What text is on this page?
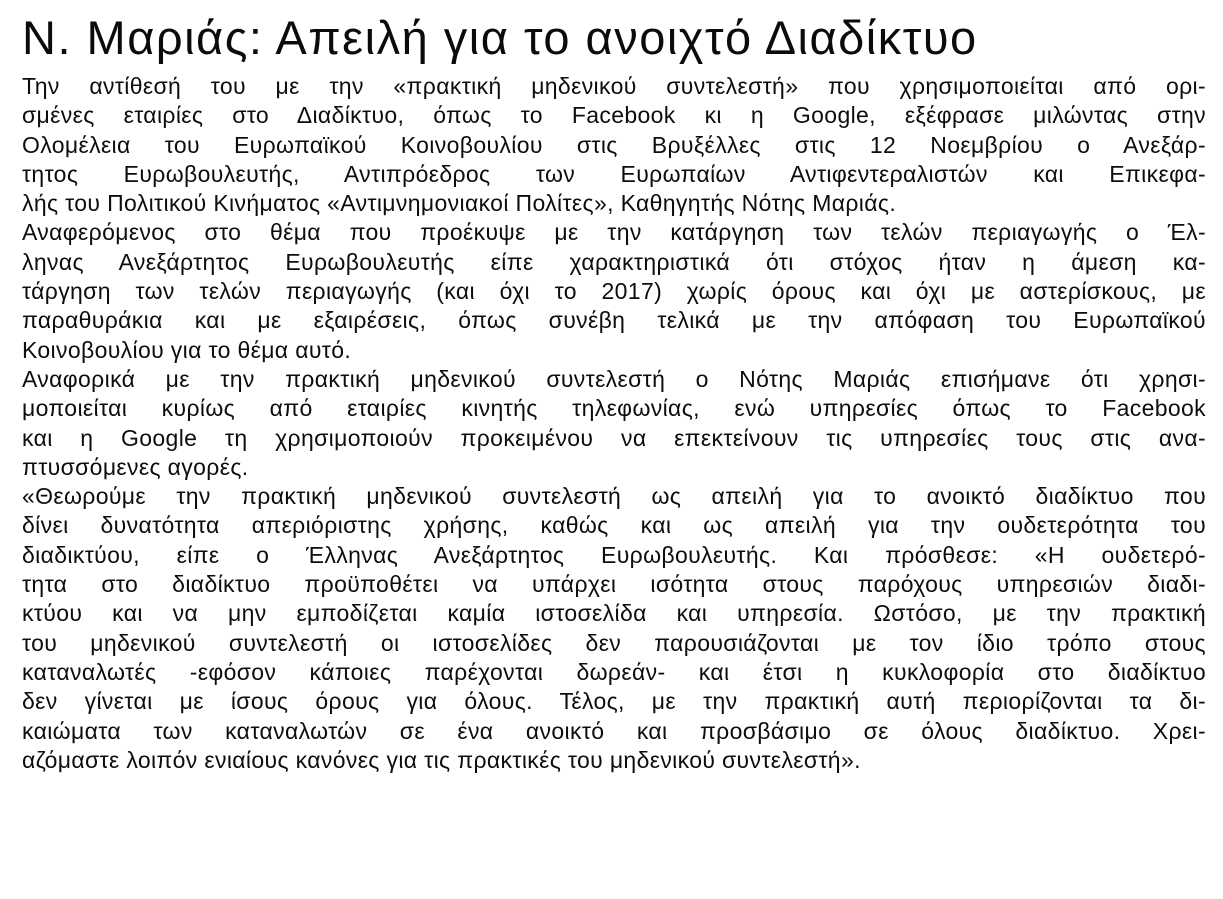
Ν. Μαριάς: Απειλή για το ανοιχτό Διαδίκτυο
Την αντίθεσή του με την «πρακτική μηδενικού συντελεστή» που χρησιμοποιείται από ορι-
σμένες εταιρίες στο Διαδίκτυο, όπως το Facebook κι η Google, εξέφρασε μιλώντας στην
Ολομέλεια του Ευρωπαϊκού Κοινοβουλίου στις Βρυξέλλες στις 12 Νοεμβρίου ο Ανεξάρ-
τητος Ευρωβουλευτής, Αντιπρόεδρος των Ευρωπαίων Αντιφεντεραλιστών και Επικεφα-
λής του Πολιτικού Κινήματος «Αντιμνημονιακοί Πολίτες», Καθηγητής Νότης Μαριάς.
Αναφερόμενος στο θέμα που προέκυψε με την κατάργηση των τελών περιαγωγής ο Έλ-
ληνας Ανεξάρτητος Ευρωβουλευτής είπε χαρακτηριστικά ότι στόχος ήταν η άμεση κα-
τάργηση των τελών περιαγωγής (και όχι το 2017) χωρίς όρους και όχι με αστερίσκους, με
παραθυράκια και με εξαιρέσεις, όπως συνέβη τελικά με την απόφαση του Ευρωπαϊκού
Κοινοβουλίου για το θέμα αυτό.
Αναφορικά με την πρακτική μηδενικού συντελεστή ο Νότης Μαριάς επισήμανε ότι χρησι-
μοποιείται κυρίως από εταιρίες κινητής τηλεφωνίας, ενώ υπηρεσίες όπως το Facebook
και η Google τη χρησιμοποιούν προκειμένου να επεκτείνουν τις υπηρεσίες τους στις ανα-
πτυσσόμενες αγορές.
«Θεωρούμε την πρακτική μηδενικού συντελεστή ως απειλή για το ανοικτό διαδίκτυο που
δίνει δυνατότητα απεριόριστης χρήσης, καθώς και ως απειλή για την ουδετερότητα του
διαδικτύου, είπε ο Έλληνας Ανεξάρτητος Ευρωβουλευτής. Και πρόσθεσε: «Η ουδετερό-
τητα στο διαδίκτυο προϋποθέτει να υπάρχει ισότητα στους παρόχους υπηρεσιών διαδι-
κτύου και να μην εμποδίζεται καμία ιστοσελίδα και υπηρεσία. Ωστόσο, με την πρακτική
του μηδενικού συντελεστή οι ιστοσελίδες δεν παρουσιάζονται με τον ίδιο τρόπο στους
καταναλωτές -εφόσον κάποιες παρέχονται δωρεάν- και έτσι η κυκλοφορία στο διαδίκτυο
δεν γίνεται με ίσους όρους για όλους. Τέλος, με την πρακτική αυτή περιορίζονται τα δι-
καιώματα των καταναλωτών σε ένα ανοικτό και προσβάσιμο σε όλους διαδίκτυο. Χρει-
αζόμαστε λοιπόν ενιαίους κανόνες για τις πρακτικές του μηδενικού συντελεστή».
